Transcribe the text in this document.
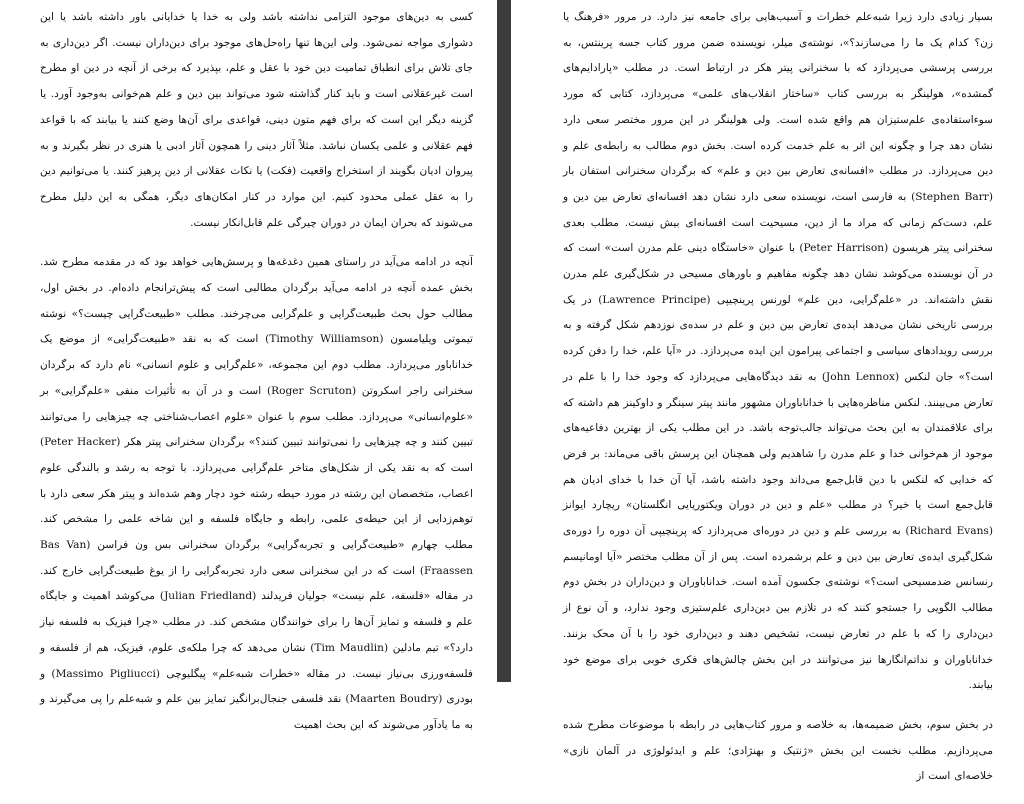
کسی به دین‌های موجود التزامی نداشته باشد ولی به خدا یا خدایانی باور داشته باشد یا این دشواری مواجه نمی‌شود. ولی این‌ها تنها راه‌حل‌های موجود برای دین‌داران نیست. اگر دین‌داری به جای تلاش برای انطباق تمامیت دین خود با عقل و علم، بپذیرد که برخی از آنچه در دین او مطرح است غیرعقلانی است و باید کنار گذاشته شود می‌تواند بین دین و علم هم‌خوانی به‌وجود آورد. یا گزینه دیگر این است که برای فهم متون دینی، قواعدی برای آن‌ها وضع کنند یا بیابند که با قواعد فهم عقلانی و علمی یکسان نباشد. مثلاً آثار دینی را همچون آثار ادبی یا هنری در نظر بگیرند و به پیروان ادیان بگویند از استخراج واقعیت (فکت) یا نکات عقلانی از دین پرهیز کنند. یا می‌توانیم دین را به عقل عملی محدود کنیم. این موارد در کنار امکان‌های دیگر، همگی به این دلیل مطرح می‌شوند که بحران ایمان در دوران چیرگی علم قابل‌انکار نیست.

آنچه در ادامه می‌آید در راستای همین دغدغه‌ها و پرسش‌هایی خواهد بود که در مقدمه مطرح شد. بخش عمده آنچه در ادامه می‌آید برگردان مطالبی است که پیش‌تر‌انجام داده‌ام. در بخش اول، مطالب حول بحث طبیعت‌گرایی و علم‌گرایی می‌چرخند. مطلب «طبیعت‌گرایی چیست؟» نوشته تیموتی ویلیامسون (Timothy Williamson) است که به نقد «طبیعت‌گرایی» از موضع یک خداناباور می‌پردازد. مطلب دوم این مجموعه، «علم‌گرایی و علوم انسانی» نام دارد که برگردان سخنرانی راجر اسکروتن (Roger Scruton) است و در آن به تأثیرات منفی «علم‌گرایی» بر «علوم‌انسانی» می‌پردازد. مطلب سوم با عنوان «علوم اعصاب‌شناختی چه چیزهایی را می‌توانند تبیین کنند و چه چیزهایی را نمی‌توانند تبیین کنند؟» برگردان سخنرانی پیتر هکر (Peter Hacker) است که به نقد یکی از شکل‌های متاخر علم‌گرایی می‌پردازد. با توجه به رشد و بالندگی علوم اعصاب، متخصصان این رشته در مورد حیطه رشته خود دچار وهم شده‌اند و پیتر هکر سعی دارد با توهم‌زدایی از این حیطه‌ی علمی، رابطه و جایگاه فلسفه و این شاخه علمی را مشخص کند. مطلب چهارم «طبیعت‌گرایی و تجربه‌گرایی» برگردان سخنرانی بس ون فراسن (Bas Van Fraassen) است که در این سخنرانی سعی دارد تجربه‌گرایی را از یوغ طبیعت‌گرایی خارج کند. در مقاله «فلسفه، علم نیست» جولیان فریدلند (Julian Friedland) می‌کوشد اهمیت و جایگاه علم و فلسفه و تمایز آن‌ها را برای خوانندگان مشخص کند. در مطلب «چرا فیزیک به فلسفه نیاز دارد؟» تیم مادلین (Tim Maudlin) نشان می‌دهد که چرا ملکه‌ی علوم، فیزیک، هم از فلسفه و فلسفه‌ورزی بی‌نیاز نیست. در مقاله «خطرات شبه‌علم» پیگلیوچی (Massimo Pigliucci) و بودری (Maarten Boudry) نقد فلسفی جنجال‌برانگیز تمایز بین علم و شبه‌علم را پی می‌گیرند و به ما یادآور می‌شوند که این بحث اهمیت

بسیار زیادی دارد زیرا شبه‌علم خطرات و آسیب‌هایی برای جامعه نیز دارد. در مرور «فرهنگ یا زن؟ کدام یک ما را می‌سازند؟»، نوشته‌ی میلر، نویسنده ضمن مرور کتاب جسه پرینتس، به بررسی پرسشی می‌پردازد که با سخنرانی پیتر هکر در ارتباط است. در مطلب «پارادایم‌های گمشده»، هولینگر به بررسی کتاب «ساختار انقلاب‌های علمی» می‌پردازد، کتابی که مورد سوءاستفاده‌ی علم‌ستیزان هم واقع شده است. ولی هولینگر در این مرور مختصر سعی دارد نشان دهد چرا و چگونه این اثر به علم خدمت کرده است. بخش دوم مطالب به رابطه‌ی علم و دین می‌پردازد. در مطلب «افسانه‌ی تعارض بین دین و علم» که برگردان سخنرانی استفان بار (Stephen Barr) به فارسی است، نویسنده سعی دارد نشان دهد افسانه‌ای تعارض بین دین و علم، دست‌کم زمانی که مراد ما از دین، مسیحیت است افسانه‌ای بیش نیست. مطلب بعدی سخنرانی پیتر هریسون (Peter Harrison) با عنوان «خاستگاه دینی علم مدرن است» است که در آن نویسنده می‌کوشد نشان دهد چگونه مفاهیم و باورهای مسیحی در شکل‌گیری علم مدرن نقش داشته‌اند. در «علم‌گرایی، دین علم» لورنس پرینچیپی (Lawrence Principe) در یک بررسی تاریخی نشان می‌دهد ایده‌ی تعارض بین دین و علم در سده‌ی نوزدهم شکل گرفته و به بررسی رویدادهای سیاسی و اجتماعی پیرامون این ایده می‌پردازد. در «آیا علم، خدا را دفن کرده است؟» جان لنکس (John Lennox) به نقد دیدگاه‌هایی می‌پردازد که وجود خدا را با علم در تعارض می‌بینند. لنکس مناظره‌هایی با خداناباوران مشهور مانند پیتر سینگر و داوکینز هم داشته که برای علاقمندان به این بحث می‌تواند جالب‌توجه باشد. در این مطلب یکی از بهترین دفاعیه‌های موجود از هم‌خوانی خدا و علم مدرن را شاهدیم ولی همچنان این پرسش باقی می‌ماند: بر فرض که خدایی که لنکس با دین قابل‌جمع می‌داند وجود داشته باشد، آیا آن خدا با خدای ادیان هم قابل‌جمع است یا خیر؟ در مطلب «علم و دین در دوران ویکتوریایی انگلستان» ریچارد ایوانز (Richard Evans) به بررسی علم و دین در دوره‌ای می‌پردازد که پرینچیپی آن دوره را دوره‌ی شکل‌گیری ایده‌ی تعارض بین دین و علم برشمرده است. پس از آن مطلب مختصر «آیا اومانیسم رنسانس ضدمسیحی است؟» نوشته‌ی جکسون آمده است. خداناباوران و دین‌داران در بخش دوم مطالب الگویی را جستجو کنند که در تلازم بین دین‌داری علم‌ستیزی وجود ندارد، و آن نوع از دین‌داری را که با علم در تعارض نیست، تشخیص دهند و دین‌داری خود را با آن محک بزنند. خداناباوران و نداتم‌انگارها نیز می‌توانند در این بخش چالش‌های فکری خوبی برای موضع خود بیابند.

در بخش سوم، بخش ضمیمه‌ها، به خلاصه و مرور کتاب‌هایی در رابطه با موضوعات مطرح شده می‌پردازیم. مطلب نخست این بخش «ژنتیک و بهنژادی؛ علم و ایدئولوژی در آلمان نازی» خلاصه‌ای است از
